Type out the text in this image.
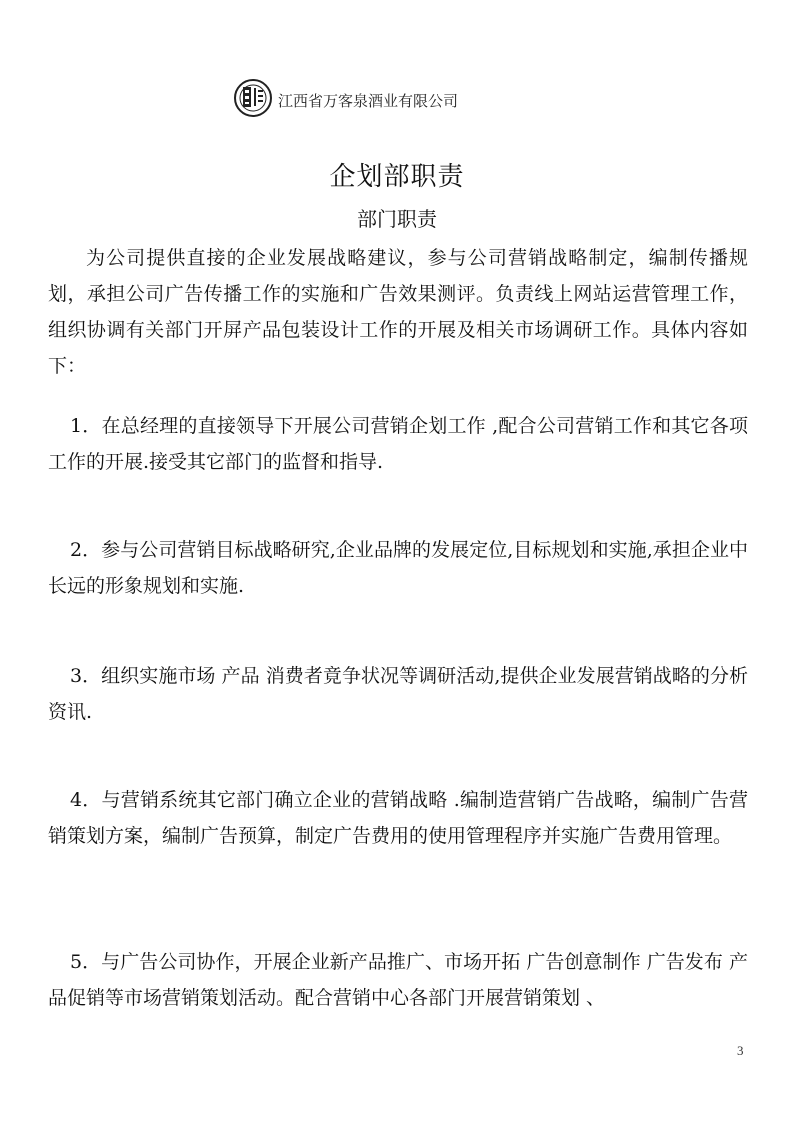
江西省万客泉酒业有限公司
企划部职责
部门职责

为公司提供直接的企业发展战略建议，参与公司营销战略制定，编制传播规划，承担公司广告传播工作的实施和广告效果测评。负责线上网站运营管理工作，组织协调有关部门开屏产品包装设计工作的开展及相关市场调研工作。具体内容如下：

1．在总经理的直接领导下开展公司营销企划工作 ,配合公司营销工作和其它各项工作的开展.接受其它部门的监督和指导.

2．参与公司营销目标战略研究,企业品牌的发展定位,目标规划和实施,承担企业中长远的形象规划和实施.

3．组织实施市场 产品 消费者竟争状况等调研活动,提供企业发展营销战略的分析资讯.

4．与营销系统其它部门确立企业的营销战略 .编制造营销广告战略，编制广告营销策划方案，编制广告预算，制定广告费用的使用管理程序并实施广告费用管理。

5．与广告公司协作，开展企业新产品推广、市场开拓 广告创意制作 广告发布 产品促销等市场营销策划活动。配合营销中心各部门开展营销策划 、

3
